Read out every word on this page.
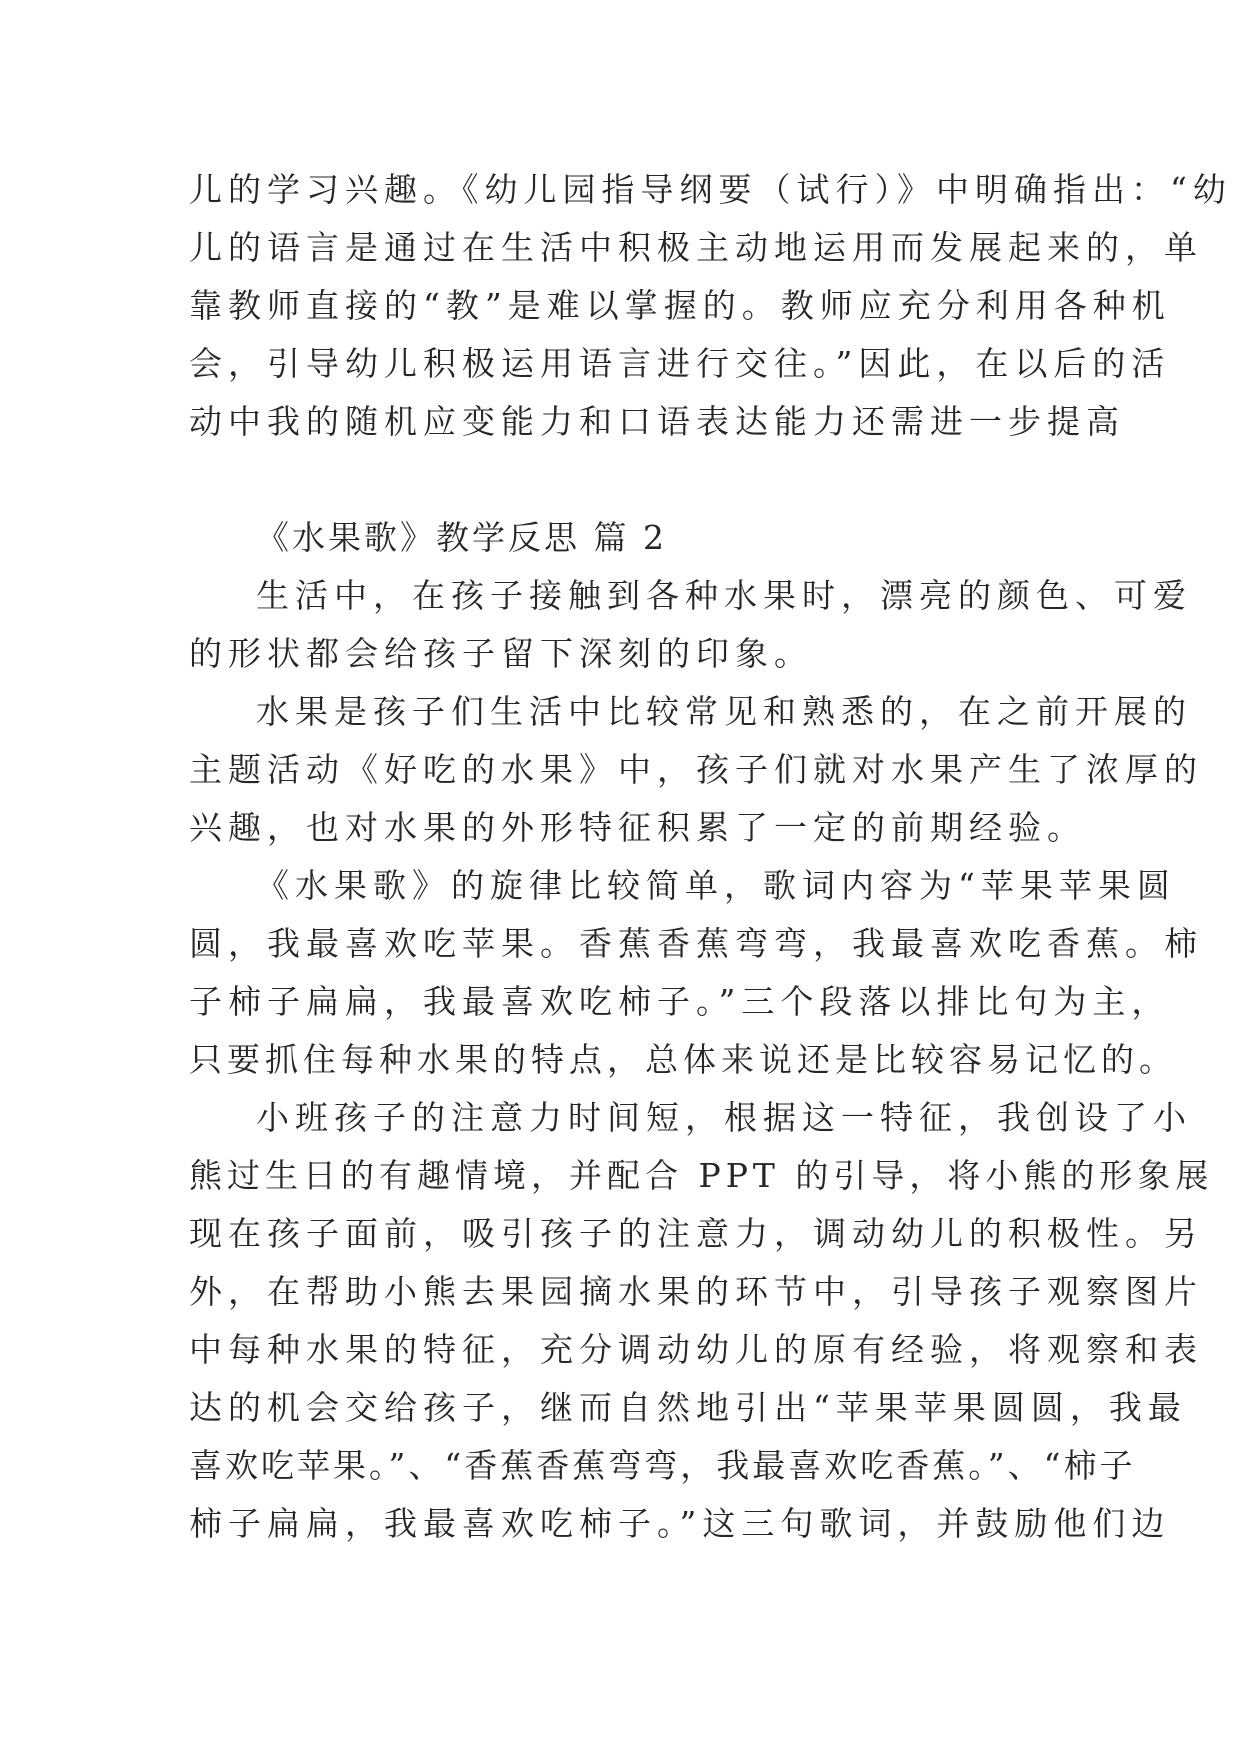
儿的学习兴趣。《幼儿园指导纲要（试行）》中明确指出：“幼
儿的语言是通过在生活中积极主动地运用而发展起来的，单
靠教师直接的“教”是难以掌握的。教师应充分利用各种机
会，引导幼儿积极运用语言进行交往。”因此，在以后的活
动中我的随机应变能力和口语表达能力还需进一步提高
《水果歌》教学反思 篇 2
生活中，在孩子接触到各种水果时，漂亮的颜色、可爱
的形状都会给孩子留下深刻的印象。
水果是孩子们生活中比较常见和熟悉的，在之前开展的
主题活动《好吃的水果》中，孩子们就对水果产生了浓厚的
兴趣，也对水果的外形特征积累了一定的前期经验。
《水果歌》的旋律比较简单，歌词内容为“苹果苹果圆
圆，我最喜欢吃苹果。香蕉香蕉弯弯，我最喜欢吃香蕉。柿
子柿子扁扁，我最喜欢吃柿子。”三个段落以排比句为主，
只要抓住每种水果的特点，总体来说还是比较容易记忆的。
小班孩子的注意力时间短，根据这一特征，我创设了小
熊过生日的有趣情境，并配合 PPT 的引导，将小熊的形象展
现在孩子面前，吸引孩子的注意力，调动幼儿的积极性。另
外，在帮助小熊去果园摘水果的环节中，引导孩子观察图片
中每种水果的特征，充分调动幼儿的原有经验，将观察和表
达的机会交给孩子，继而自然地引出“苹果苹果圆圆，我最
喜欢吃苹果。”、“香蕉香蕉弯弯，我最喜欢吃香蕉。”、“柿子
柿子扁扁，我最喜欢吃柿子。”这三句歌词，并鼓励他们边
